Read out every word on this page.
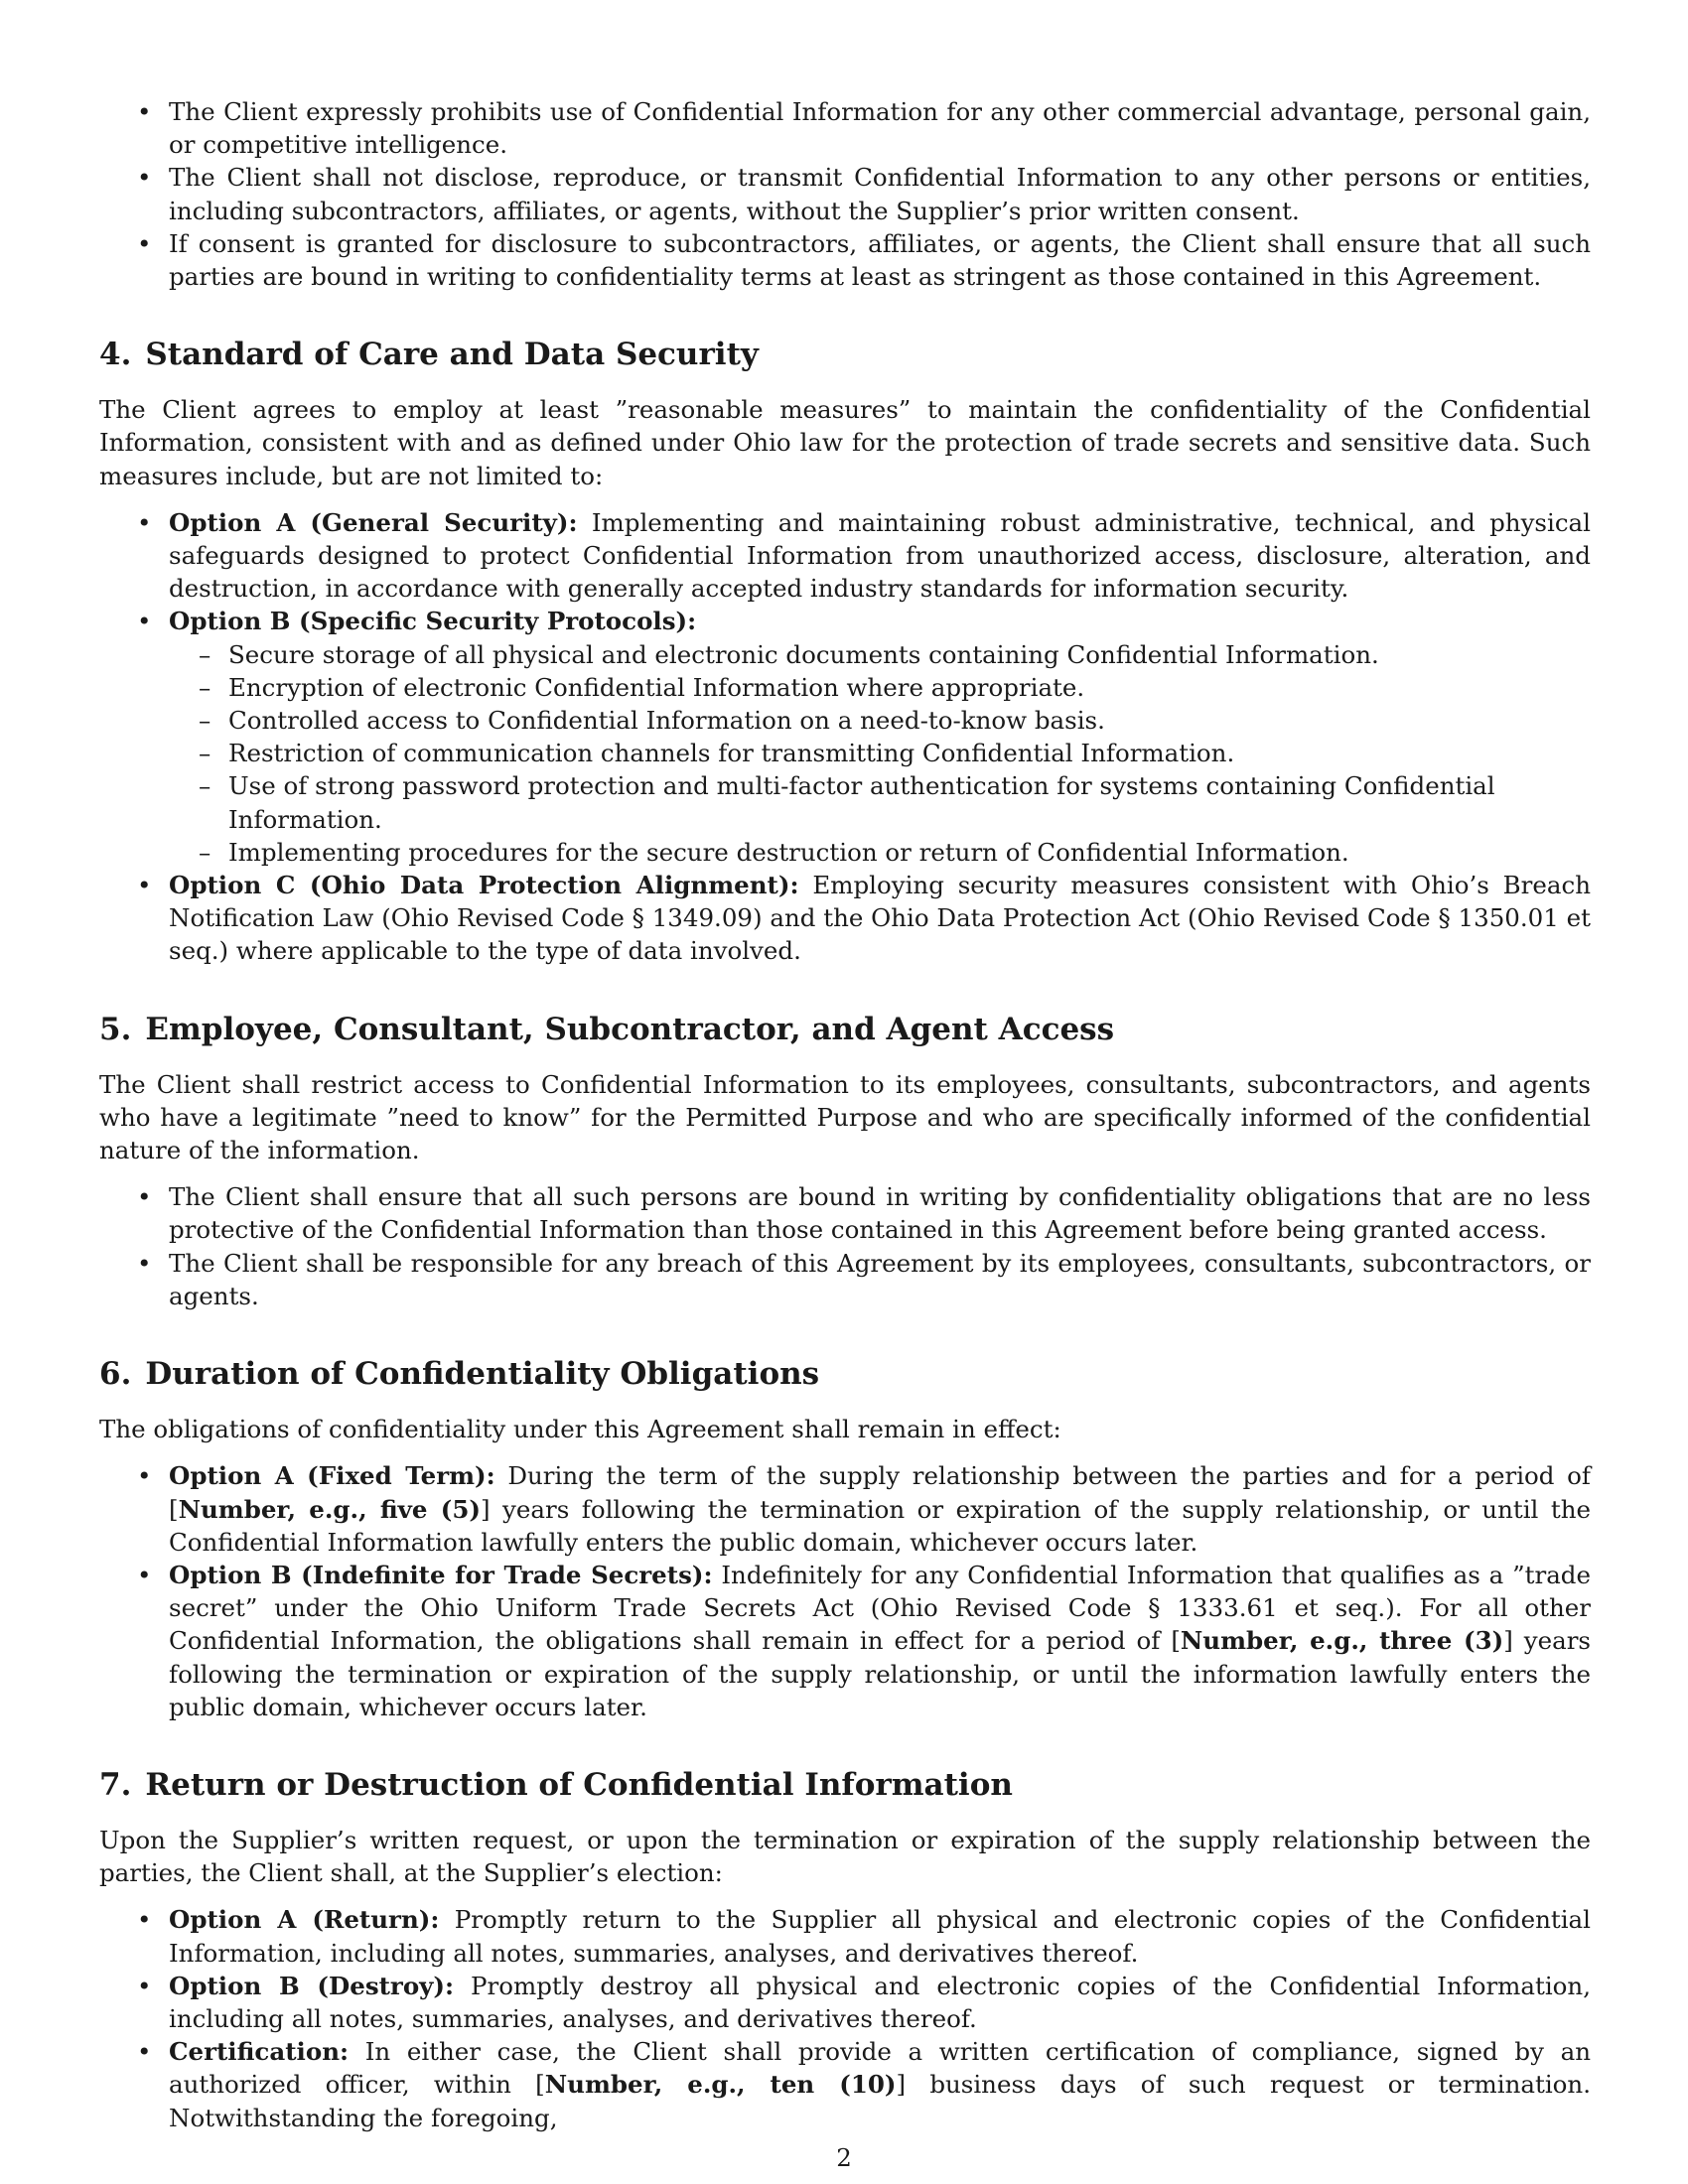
• The Client expressly prohibits use of Confidential Information for any other commercial advantage, personal gain, or competitive intelligence.
• The Client shall not disclose, reproduce, or transmit Confidential Information to any other persons or entities, including subcontractors, affiliates, or agents, without the Supplier’s prior written consent.
• If consent is granted for disclosure to subcontractors, affiliates, or agents, the Client shall ensure that all such parties are bound in writing to confidentiality terms at least as stringent as those contained in this Agreement.
4. Standard of Care and Data Security

The Client agrees to employ at least ”reasonable measures” to maintain the confidentiality of the Confidential Information, consistent with and as defined under Ohio law for the protection of trade secrets and sensitive data. Such measures include, but are not limited to:

• Option A (General Security): Implementing and maintaining robust administrative, technical, and physical safeguards designed to protect Confidential Information from unauthorized access, disclosure, alteration, and destruction, in accordance with generally accepted industry standards for information security.
• Option B (Specific Security Protocols):
– Secure storage of all physical and electronic documents containing Confidential Information.
– Encryption of electronic Confidential Information where appropriate.
– Controlled access to Confidential Information on a need-to-know basis.
– Restriction of communication channels for transmitting Confidential Information.
– Use of strong password protection and multi-factor authentication for systems containing Confidential Information.
– Implementing procedures for the secure destruction or return of Confidential Information.
• Option C (Ohio Data Protection Alignment): Employing security measures consistent with Ohio’s Breach Notification Law (Ohio Revised Code § 1349.09) and the Ohio Data Protection Act (Ohio Revised Code § 1350.01 et seq.) where applicable to the type of data involved.
5. Employee, Consultant, Subcontractor, and Agent Access

The Client shall restrict access to Confidential Information to its employees, consultants, subcontractors, and agents who have a legitimate ”need to know” for the Permitted Purpose and who are specifically informed of the confidential nature of the information.

• The Client shall ensure that all such persons are bound in writing by confidentiality obligations that are no less protective of the Confidential Information than those contained in this Agreement before being granted access.
• The Client shall be responsible for any breach of this Agreement by its employees, consultants, subcontractors, or agents.
6. Duration of Confidentiality Obligations

The obligations of confidentiality under this Agreement shall remain in effect:

• Option A (Fixed Term): During the term of the supply relationship between the parties and for a period of [Number, e.g., five (5)] years following the termination or expiration of the supply relationship, or until the Confidential Information lawfully enters the public domain, whichever occurs later.
• Option B (Indefinite for Trade Secrets): Indefinitely for any Confidential Information that qualifies as a ”trade secret” under the Ohio Uniform Trade Secrets Act (Ohio Revised Code § 1333.61 et seq.). For all other Confidential Information, the obligations shall remain in effect for a period of [Number, e.g., three (3)] years following the termination or expiration of the supply relationship, or until the information lawfully enters the public domain, whichever occurs later.
7. Return or Destruction of Confidential Information

Upon the Supplier’s written request, or upon the termination or expiration of the supply relationship between the parties, the Client shall, at the Supplier’s election:

• Option A (Return): Promptly return to the Supplier all physical and electronic copies of the Confidential Information, including all notes, summaries, analyses, and derivatives thereof.
• Option B (Destroy): Promptly destroy all physical and electronic copies of the Confidential Information, including all notes, summaries, analyses, and derivatives thereof.
• Certification: In either case, the Client shall provide a written certification of compliance, signed by an authorized officer, within [Number, e.g., ten (10)] business days of such request or termination. Notwithstanding the foregoing,
2
